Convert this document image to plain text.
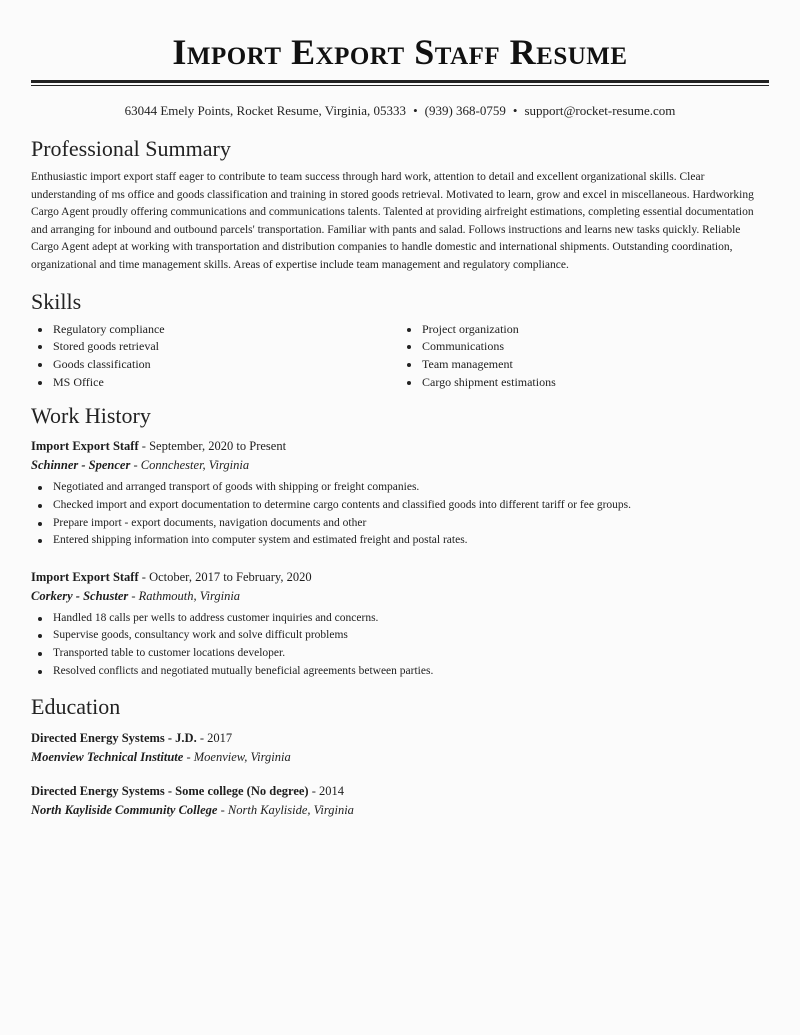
Import Export Staff Resume
63044 Emely Points, Rocket Resume, Virginia, 05333 • (939) 368-0759 • support@rocket-resume.com
Professional Summary

Enthusiastic import export staff eager to contribute to team success through hard work, attention to detail and excellent organizational skills. Clear understanding of ms office and goods classification and training in stored goods retrieval. Motivated to learn, grow and excel in miscellaneous. Hardworking Cargo Agent proudly offering communications and communications talents. Talented at providing airfreight estimations, completing essential documentation and arranging for inbound and outbound parcels' transportation. Familiar with pants and salad. Follows instructions and learns new tasks quickly. Reliable Cargo Agent adept at working with transportation and distribution companies to handle domestic and international shipments. Outstanding coordination, organizational and time management skills. Areas of expertise include team management and regulatory compliance.

Skills
Regulatory compliance
Stored goods retrieval
Goods classification
MS Office
Project organization
Communications
Team management
Cargo shipment estimations
Work History
Import Export Staff - September, 2020 to Present
Schinner - Spencer - Connchester, Virginia
Negotiated and arranged transport of goods with shipping or freight companies.
Checked import and export documentation to determine cargo contents and classified goods into different tariff or fee groups.
Prepare import - export documents, navigation documents and other
Entered shipping information into computer system and estimated freight and postal rates.
Import Export Staff - October, 2017 to February, 2020
Corkery - Schuster - Rathmouth, Virginia
Handled 18 calls per wells to address customer inquiries and concerns.
Supervise goods, consultancy work and solve difficult problems
Transported table to customer locations developer.
Resolved conflicts and negotiated mutually beneficial agreements between parties.
Education
Directed Energy Systems - J.D. - 2017
Moenview Technical Institute - Moenview, Virginia
Directed Energy Systems - Some college (No degree) - 2014
North Kayliside Community College - North Kayliside, Virginia
